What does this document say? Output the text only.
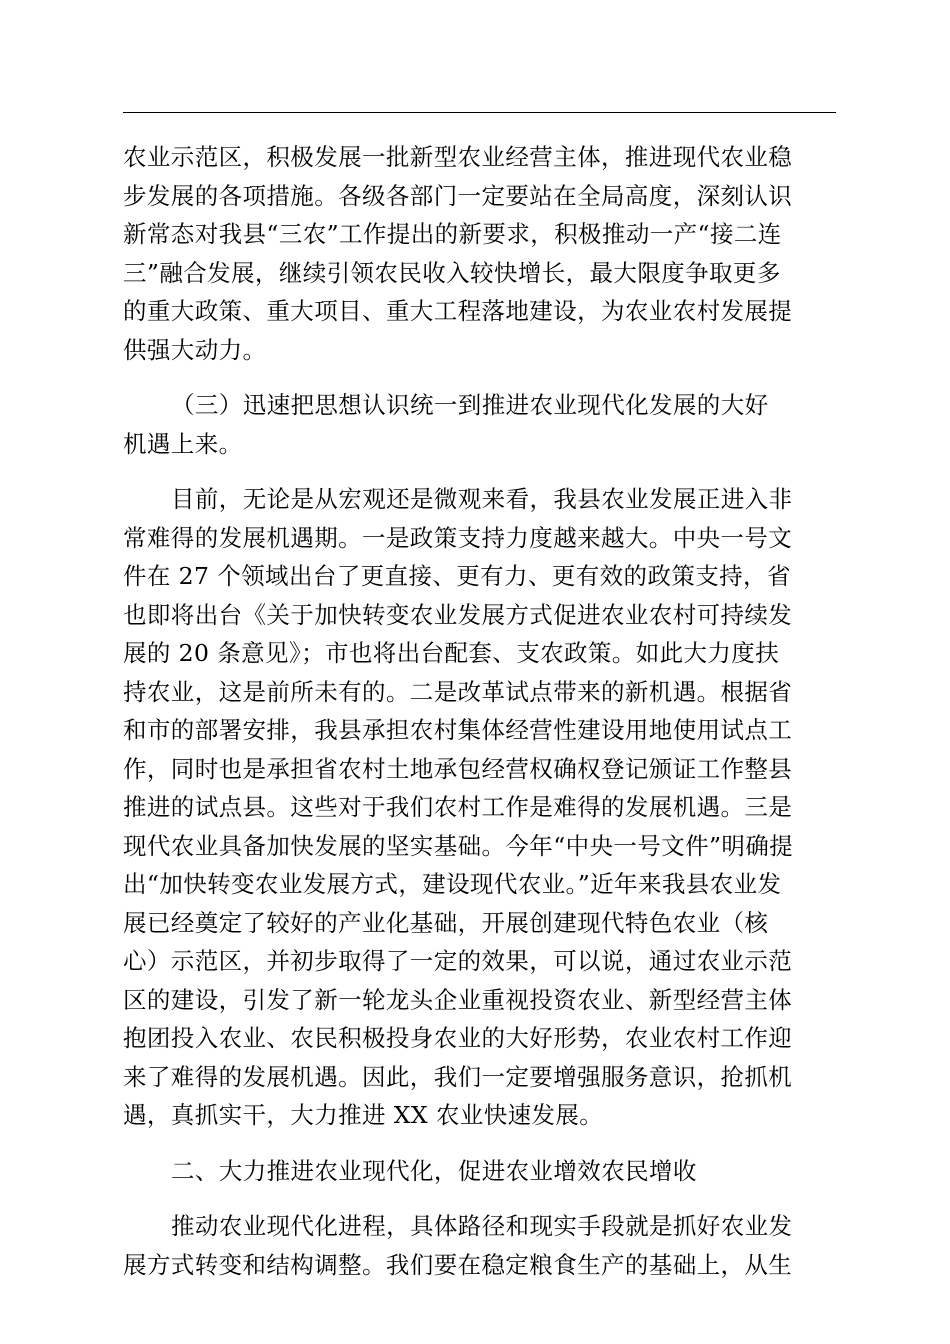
农业示范区，积极发展一批新型农业经营主体，推进现代农业稳
步发展的各项措施。各级各部门一定要站在全局高度，深刻认识
新常态对我县“三农”工作提出的新要求，积极推动一产“接二连
三”融合发展，继续引领农民收入较快增长，最大限度争取更多
的重大政策、重大项目、重大工程落地建设，为农业农村发展提
供强大动力。

（三）迅速把思想认识统一到推进农业现代化发展的大好
机遇上来。

目前，无论是从宏观还是微观来看，我县农业发展正进入非
常难得的发展机遇期。一是政策支持力度越来越大。中央一号文
件在 27 个领域出台了更直接、更有力、更有效的政策支持，省
也即将出台《关于加快转变农业发展方式促进农业农村可持续发
展的 20 条意见》；市也将出台配套、支农政策。如此大力度扶
持农业，这是前所未有的。二是改革试点带来的新机遇。根据省
和市的部署安排，我县承担农村集体经营性建设用地使用试点工
作，同时也是承担省农村土地承包经营权确权登记颁证工作整县
推进的试点县。这些对于我们农村工作是难得的发展机遇。三是
现代农业具备加快发展的坚实基础。今年“中央一号文件”明确提
出“加快转变农业发展方式，建设现代农业。”近年来我县农业发
展已经奠定了较好的产业化基础，开展创建现代特色农业（核
心）示范区，并初步取得了一定的效果，可以说，通过农业示范
区的建设，引发了新一轮龙头企业重视投资农业、新型经营主体
抱团投入农业、农民积极投身农业的大好形势，农业农村工作迎
来了难得的发展机遇。因此，我们一定要增强服务意识，抢抓机
遇，真抓实干，大力推进 XX 农业快速发展。

二、大力推进农业现代化，促进农业增效农民增收

推动农业现代化进程，具体路径和现实手段就是抓好农业发
展方式转变和结构调整。我们要在稳定粮食生产的基础上，从生
